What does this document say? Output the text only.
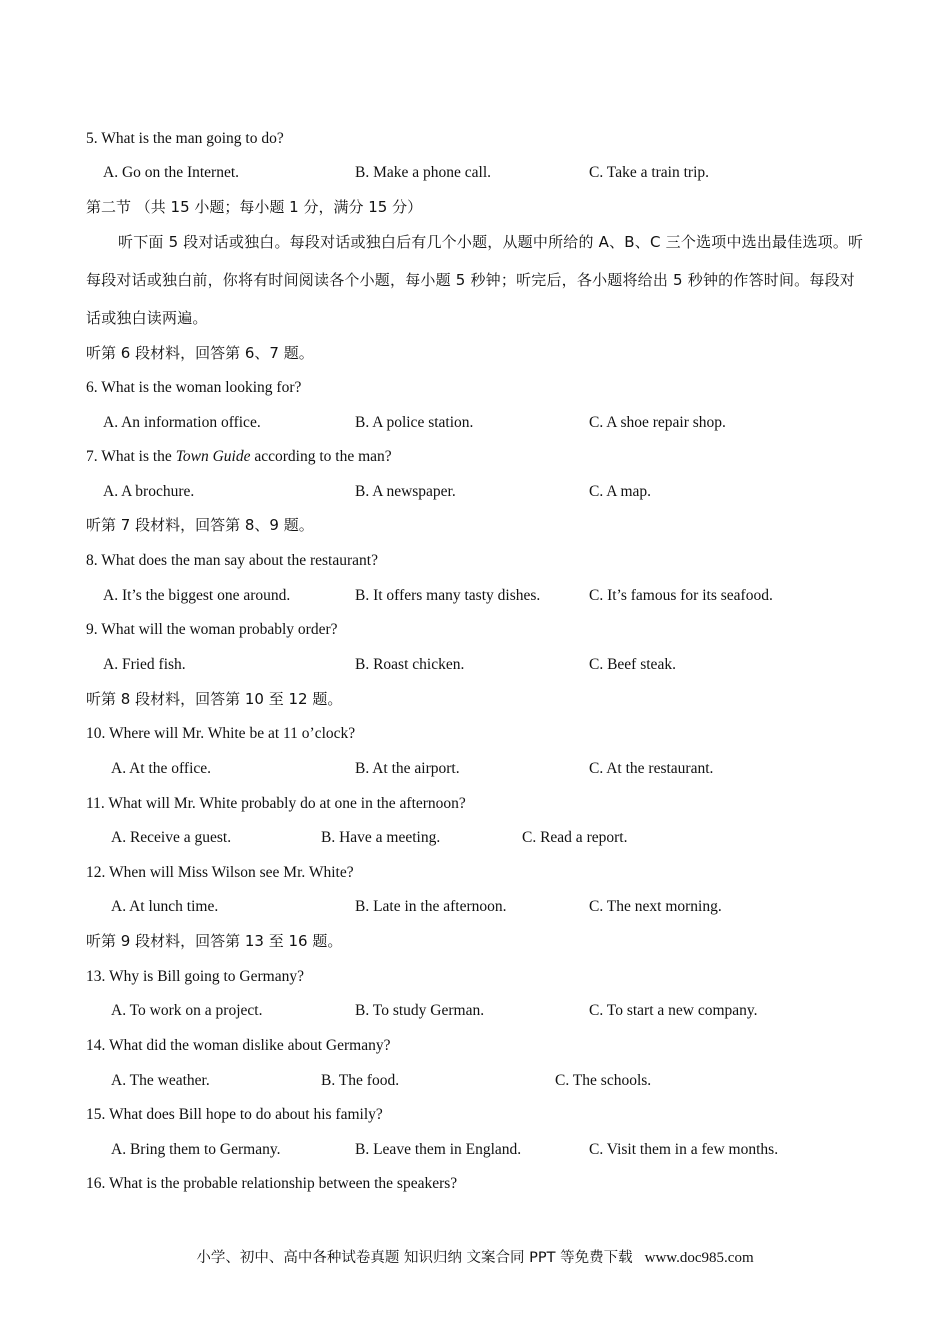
5. What is the man going to do?
A. Go on the Internet.	B. Make a phone call.	C. Take a train trip.
第二节 （共 15 小题；每小题 1 分，满分 15 分）
听下面 5 段对话或独白。每段对话或独白后有几个小题，从题中所给的 A、B、C 三个选项中选出最佳选项。听每段对话或独白前，你将有时间阅读各个小题，每小题 5 秒钟；听完后，各小题将给出 5 秒钟的作答时间。每段对话或独白读两遍。
听第 6 段材料，回答第 6、7 题。
6. What is the woman looking for?
A. An information office.	B. A police station.	C. A shoe repair shop.
7. What is the Town Guide according to the man?
A. A brochure.	B. A newspaper.	C. A map.
听第 7 段材料，回答第 8、9 题。
8. What does the man say about the restaurant?
A. It’s the biggest one around.	B. It offers many tasty dishes.	C. It’s famous for its seafood.
9. What will the woman probably order?
A. Fried fish.	B. Roast chicken.	C. Beef steak.
听第 8 段材料，回答第 10 至 12 题。
10. Where will Mr. White be at 11 o’clock?
A. At the office.	B. At the airport.	C. At the restaurant.
11. What will Mr. White probably do at one in the afternoon?
A. Receive a guest.	B. Have a meeting.	C. Read a report.
12. When will Miss Wilson see Mr. White?
A. At lunch time.	B. Late in the afternoon.	C. The next morning.
听第 9 段材料，回答第 13 至 16 题。
13. Why is Bill going to Germany?
A. To work on a project.	B. To study German.	C. To start a new company.
14. What did the woman dislike about Germany?
A. The weather.	B. The food.	C. The schools.
15. What does Bill hope to do about his family?
A. Bring them to Germany.	B. Leave them in England.	C. Visit them in a few months.
16. What is the probable relationship between the speakers?
小学、初中、高中各种试卷真题 知识归纳 文案合同 PPT 等免费下载 www.doc985.com
